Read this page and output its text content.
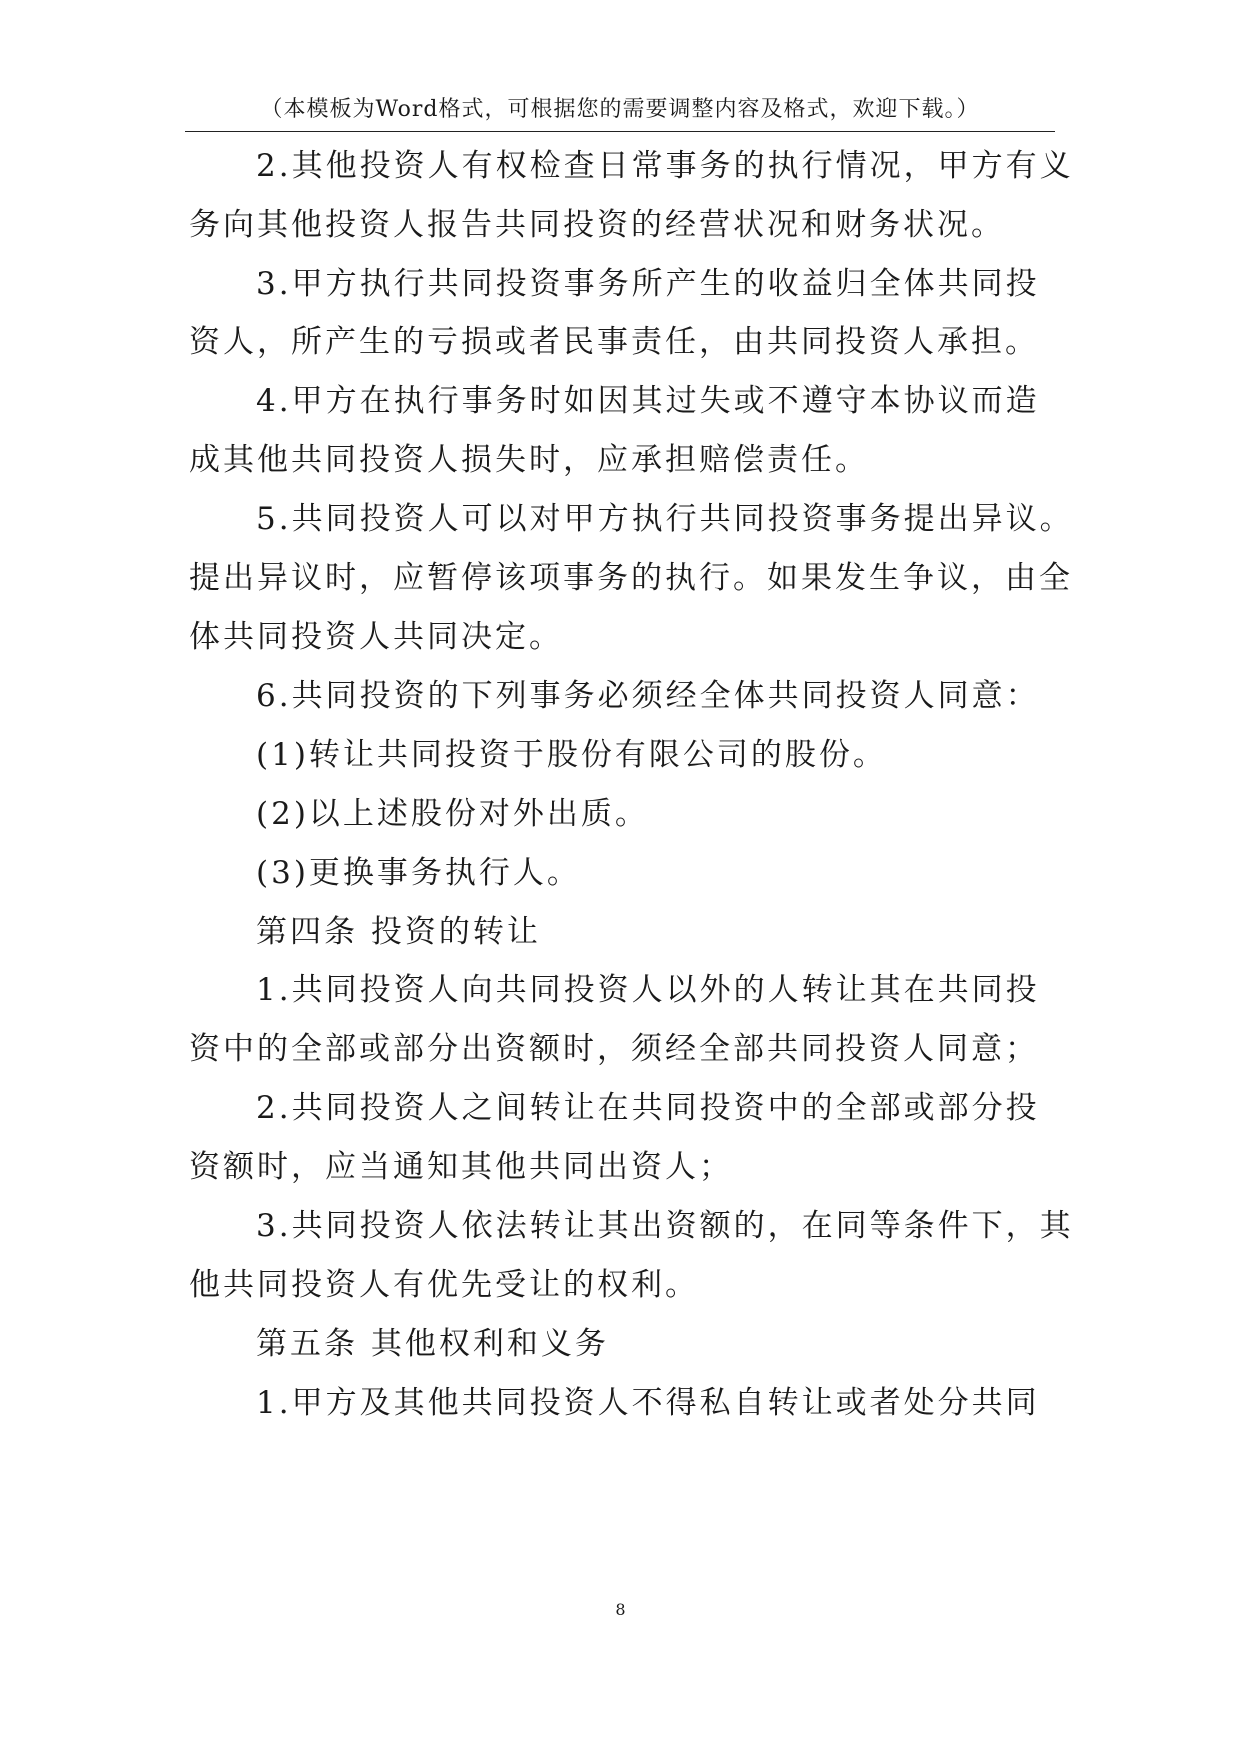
（本模板为Word格式，可根据您的需要调整内容及格式，欢迎下载。）
2.其他投资人有权检查日常事务的执行情况，甲方有义
务向其他投资人报告共同投资的经营状况和财务状况。
3.甲方执行共同投资事务所产生的收益归全体共同投
资人，所产生的亏损或者民事责任，由共同投资人承担。
4.甲方在执行事务时如因其过失或不遵守本协议而造
成其他共同投资人损失时，应承担赔偿责任。
5.共同投资人可以对甲方执行共同投资事务提出异议。
提出异议时，应暂停该项事务的执行。如果发生争议，由全
体共同投资人共同决定。
6.共同投资的下列事务必须经全体共同投资人同意：
(1)转让共同投资于股份有限公司的股份。
(2)以上述股份对外出质。
(3)更换事务执行人。
第四条 投资的转让
1.共同投资人向共同投资人以外的人转让其在共同投
资中的全部或部分出资额时，须经全部共同投资人同意；
2.共同投资人之间转让在共同投资中的全部或部分投
资额时，应当通知其他共同出资人；
3.共同投资人依法转让其出资额的，在同等条件下，其
他共同投资人有优先受让的权利。
第五条 其他权利和义务
1.甲方及其他共同投资人不得私自转让或者处分共同
8
